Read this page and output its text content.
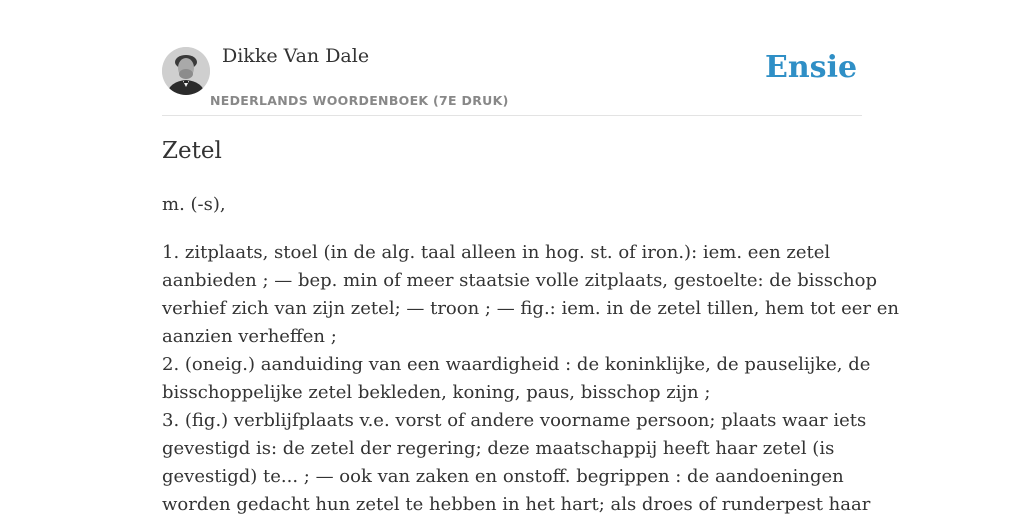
Dikke Van Dale
NEDERLANDS WOORDENBOEK (7E DRUK)
Ensie
Zetel
m. (-s),
1. zitplaats, stoel (in de alg. taal alleen in hog. st. of iron.): iem. een zetel
aanbieden ; — bep. min of meer staatsie volle zitplaats, gestoelte: de bisschop
verhief zich van zijn zetel; — troon ; — fig.: iem. in de zetel tillen, hem tot eer en
aanzien verheffen ;
2. (oneig.) aanduiding van een waardigheid : de koninklijke, de pauselijke, de
bisschoppelijke zetel bekleden, koning, paus, bisschop zijn ;
3. (fig.) verblijfplaats v.e. vorst of andere voorname persoon; plaats waar iets
gevestigd is: de zetel der regering; deze maatschappij heeft haar zetel (is
gevestigd) te... ; — ook van zaken en onstoff. begrippen : de aandoeningen
worden gedacht hun zetel te hebben in het hart; als droes of runderpest haar
